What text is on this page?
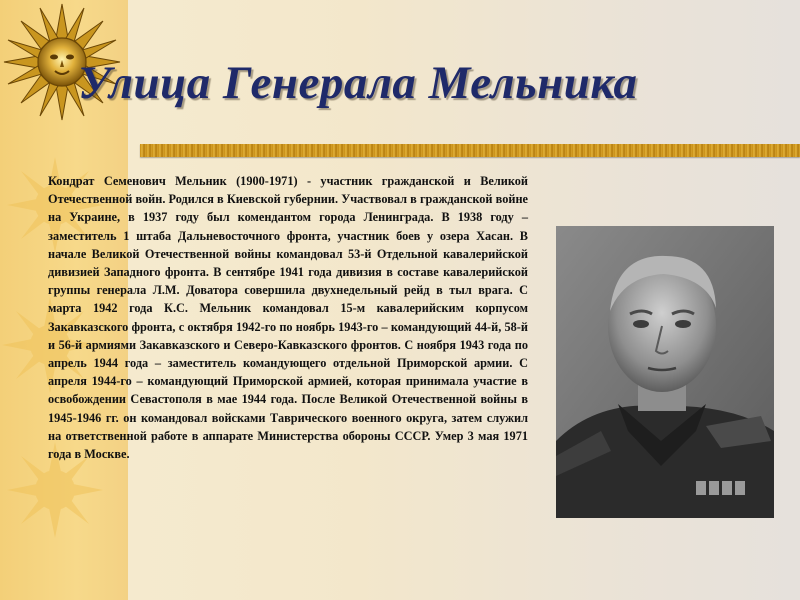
Улица Генерала Мельника

Кондрат Семенович Мельник (1900-1971) - участник гражданской и Великой Отечественной войн. Родился в Киевской губернии. Участвовал в гражданской войне на Украине, в 1937 году был комендантом города Ленинграда. В 1938 году – заместитель 1 штаба Дальневосточного фронта, участник боев у озера Хасан. В начале Великой Отечественной войны командовал 53-й Отдельной кавалерийской дивизией Западного фронта. В сентябре 1941 года дивизия в составе кавалерийской группы генерала Л.М. Доватора совершила двухнедельный рейд в тыл врага. С марта 1942 года К.С. Мельник командовал 15-м кавалерийским корпусом Закавказского фронта, с октября 1942-го по ноябрь 1943-го – командующий 44-й, 58-й и 56-й армиями Закавказского и Северо-Кавказского фронтов. С ноября 1943 года по апрель 1944 года – заместитель командующего отдельной Приморской армии. С апреля 1944-го – командующий Приморской армией, которая принимала участие в освобождении Севастополя в мае 1944 года. После Великой Отечественной войны в 1945-1946 гг. он командовал войсками Таврического военного округа, затем служил на ответственной работе в аппарате Министерства обороны СССР. Умер 3 мая 1971 года в Москве.
